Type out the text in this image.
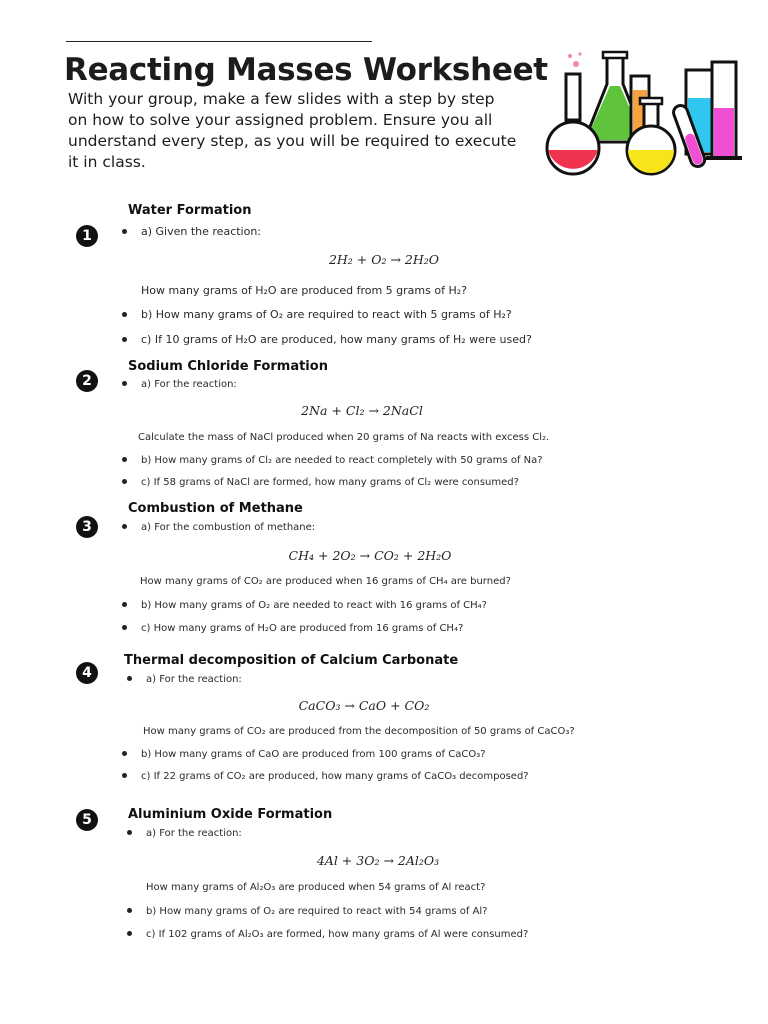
Reacting Masses Worksheet

With your group, make a few slides with a step by step on how to solve your assigned problem. Ensure you all understand every step, as you will be required to execute it in class.

1
Water Formation
a) Given the reaction:
2H₂ + O₂ → 2H₂O
How many grams of H₂O are produced from 5 grams of H₂?
b) How many grams of O₂ are required to react with 5 grams of H₂?
c) If 10 grams of H₂O are produced, how many grams of H₂ were used?
2
Sodium Chloride Formation
a) For the reaction:
2Na + Cl₂ → 2NaCl
Calculate the mass of NaCl produced when 20 grams of Na reacts with excess Cl₂.
b) How many grams of Cl₂ are needed to react completely with 50 grams of Na?
c) If 58 grams of NaCl are formed, how many grams of Cl₂ were consumed?
3
Combustion of Methane
a) For the combustion of methane:
CH₄ + 2O₂ → CO₂ + 2H₂O
How many grams of CO₂ are produced when 16 grams of CH₄ are burned?
b) How many grams of O₂ are needed to react with 16 grams of CH₄?
c) How many grams of H₂O are produced from 16 grams of CH₄?
4
Thermal decomposition of Calcium Carbonate
a) For the reaction:
CaCO₃ → CaO + CO₂
How many grams of CO₂ are produced from the decomposition of 50 grams of CaCO₃?
b) How many grams of CaO are produced from 100 grams of CaCO₃?
c) If 22 grams of CO₂ are produced, how many grams of CaCO₃ decomposed?
5	Aluminium Oxide Formation
a) For the reaction:
4Al + 3O₂ → 2Al₂O₃
How many grams of Al₂O₃ are produced when 54 grams of Al react?
b) How many grams of O₂ are required to react with 54 grams of Al?
c) If 102 grams of Al₂O₃ are formed, how many grams of Al were consumed?
